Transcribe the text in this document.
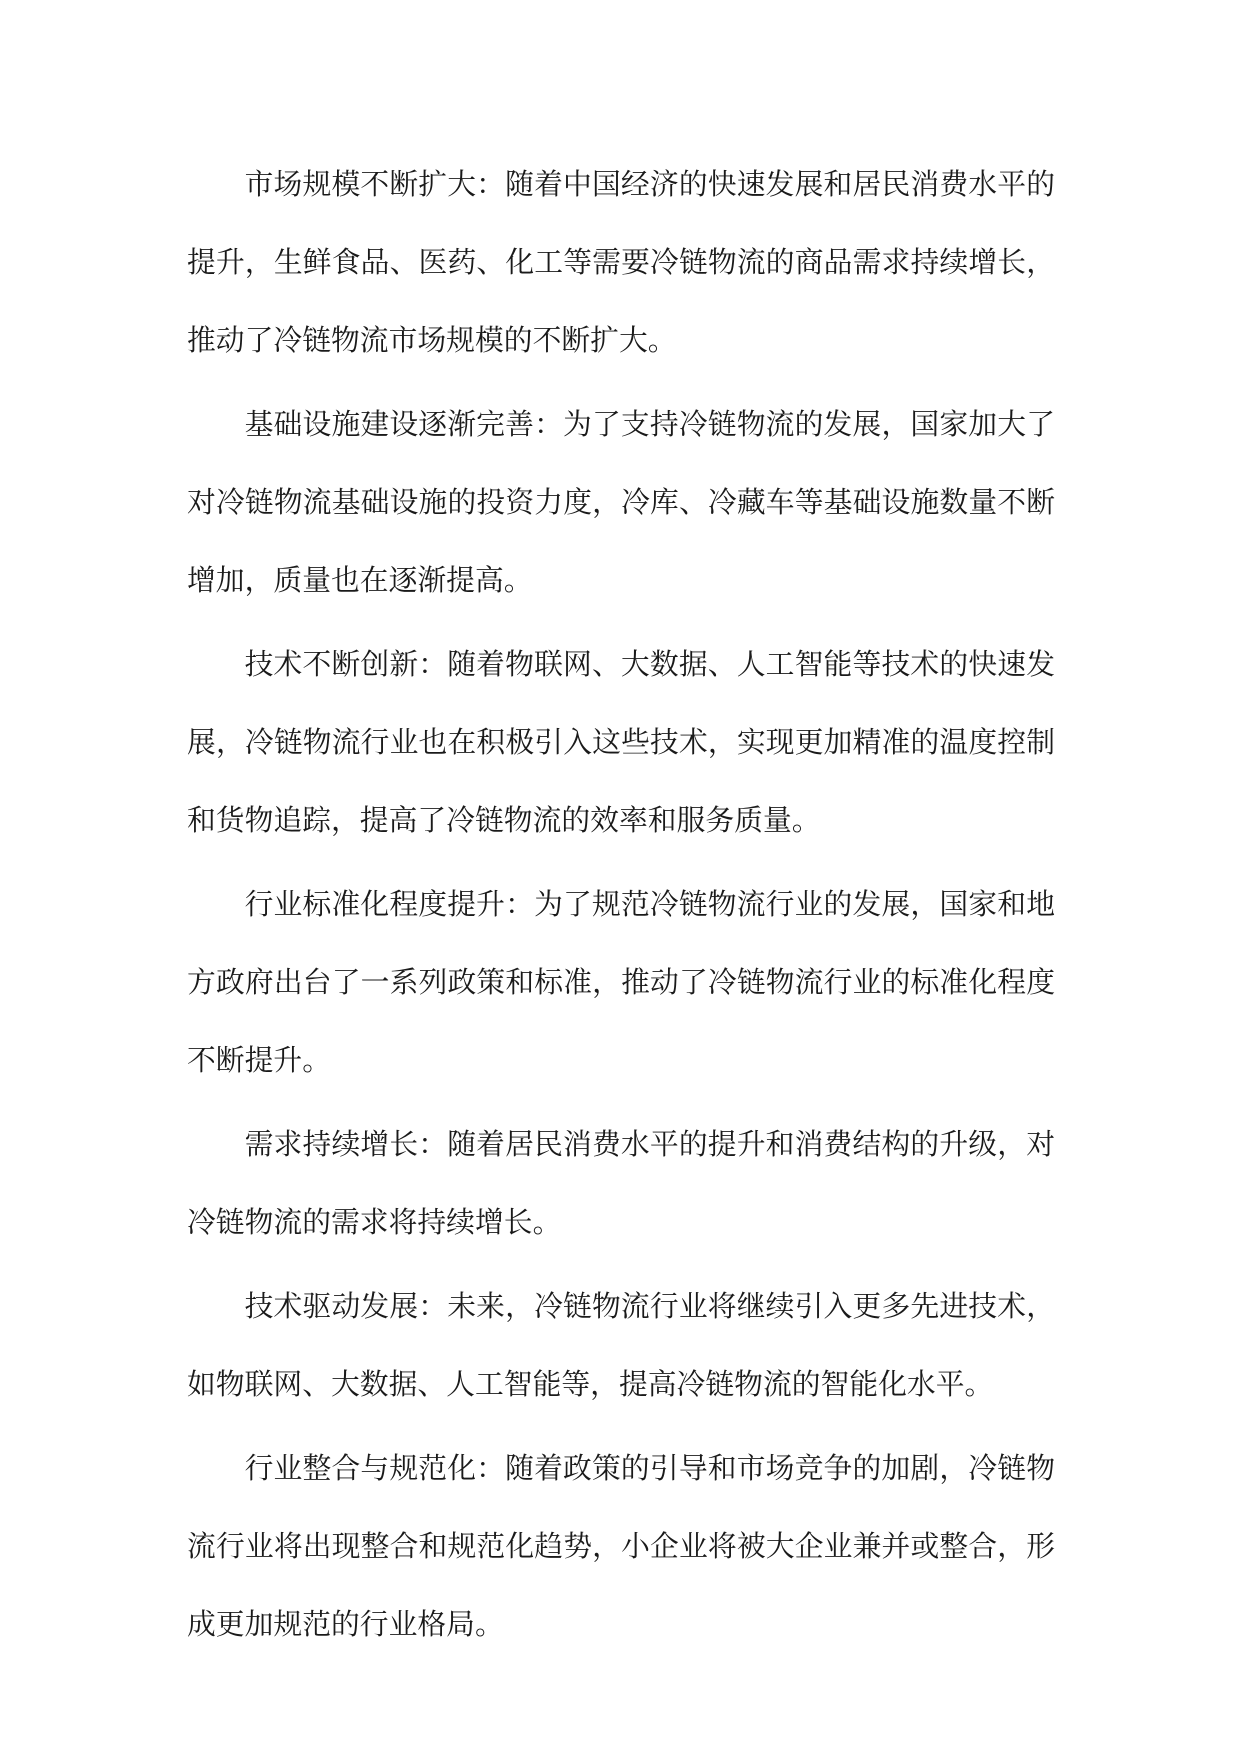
市场规模不断扩大：随着中国经济的快速发展和居民消费水平的提升，生鲜食品、医药、化工等需要冷链物流的商品需求持续增长，推动了冷链物流市场规模的不断扩大。

基础设施建设逐渐完善：为了支持冷链物流的发展，国家加大了对冷链物流基础设施的投资力度，冷库、冷藏车等基础设施数量不断增加，质量也在逐渐提高。

技术不断创新：随着物联网、大数据、人工智能等技术的快速发展，冷链物流行业也在积极引入这些技术，实现更加精准的温度控制和货物追踪，提高了冷链物流的效率和服务质量。

行业标准化程度提升：为了规范冷链物流行业的发展，国家和地方政府出台了一系列政策和标准，推动了冷链物流行业的标准化程度不断提升。

需求持续增长：随着居民消费水平的提升和消费结构的升级，对冷链物流的需求将持续增长。

技术驱动发展：未来，冷链物流行业将继续引入更多先进技术，如物联网、大数据、人工智能等，提高冷链物流的智能化水平。

行业整合与规范化：随着政策的引导和市场竞争的加剧，冷链物流行业将出现整合和规范化趋势，小企业将被大企业兼并或整合，形成更加规范的行业格局。
